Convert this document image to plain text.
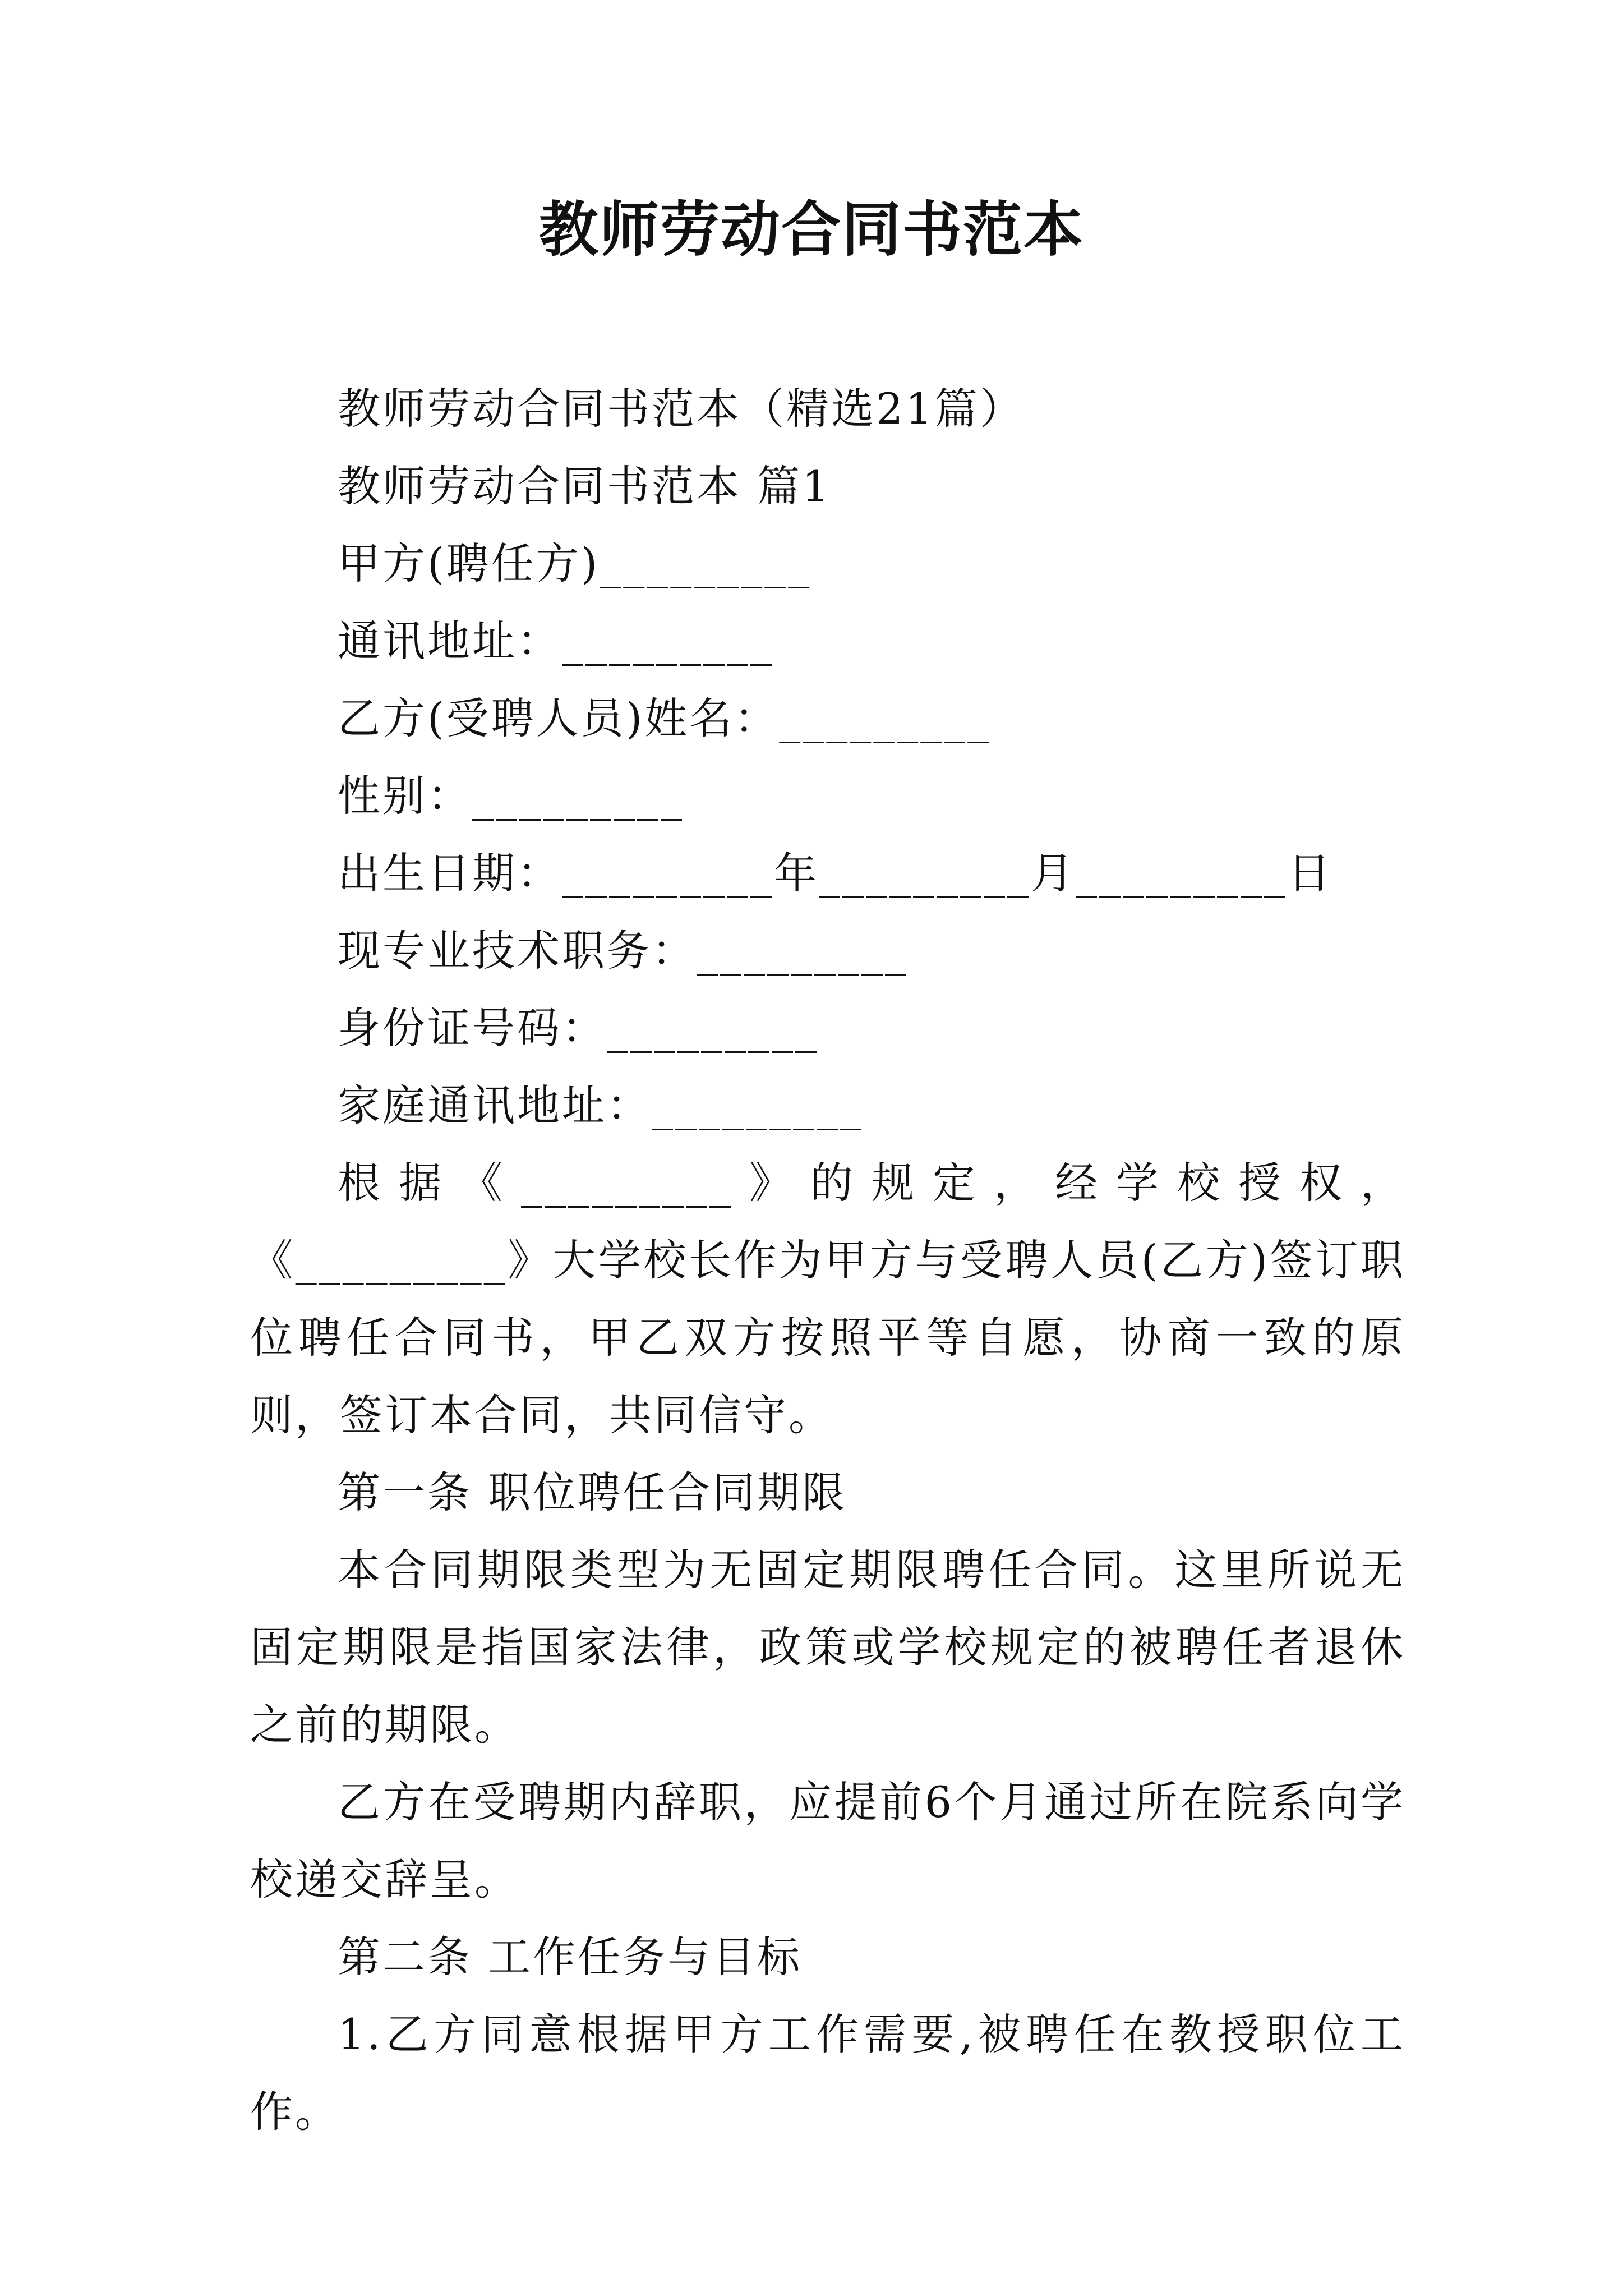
教师劳动合同书范本

教师劳动合同书范本（精选21篇）

教师劳动合同书范本 篇1

甲方(聘任方)_________

通讯地址：_________

乙方(受聘人员)姓名：_________

性别：_________

出生日期：_________年_________月_________日

现专业技术职务：_________

身份证号码：_________

家庭通讯地址：_________

根据《_________》的规定，经学校授权，《_________》大学校长作为甲方与受聘人员(乙方)签订职位聘任合同书，甲乙双方按照平等自愿，协商一致的原则，签订本合同，共同信守。

第一条 职位聘任合同期限

本合同期限类型为无固定期限聘任合同。这里所说无固定期限是指国家法律，政策或学校规定的被聘任者退休之前的期限。

乙方在受聘期内辞职，应提前6个月通过所在院系向学校递交辞呈。

第二条 工作任务与目标

1.乙方同意根据甲方工作需要,被聘任在教授职位工作。
